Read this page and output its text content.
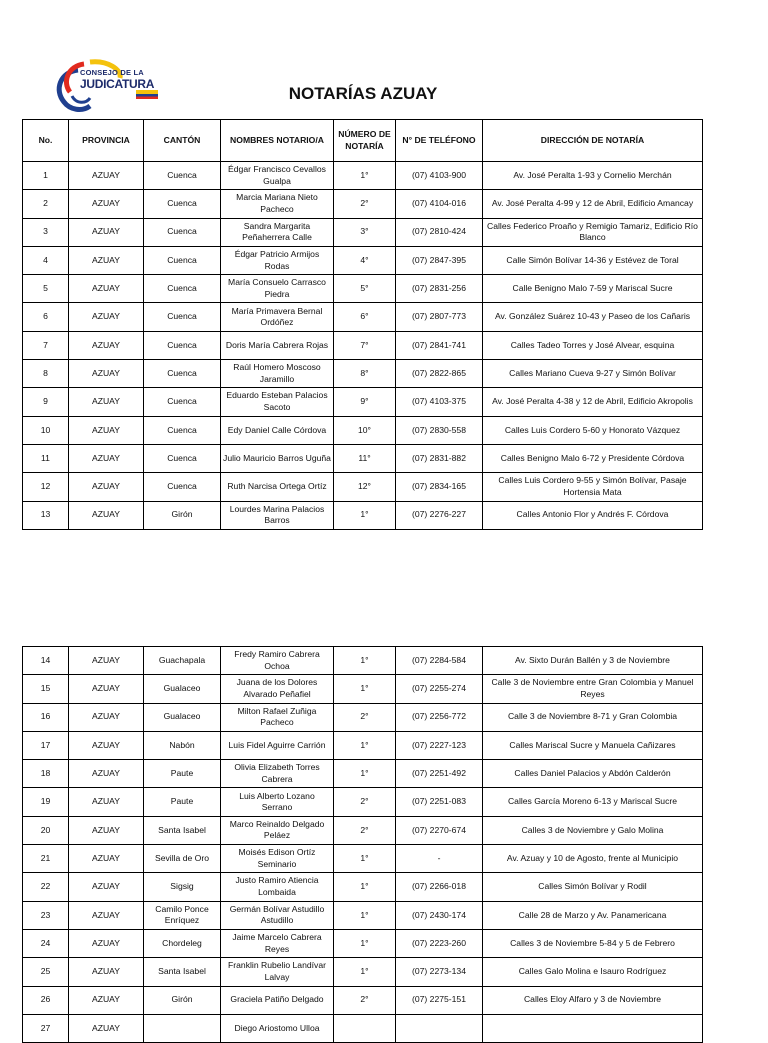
CONSEJO DE LA
JUDICATURA	NOTARÍAS AZUAY
No.	PROVINCIA	CANTÓN	NOMBRES NOTARIO/A	NÚMERO DE NOTARÍA	N° DE TELÉFONO	DIRECCIÓN DE NOTARÍA
1	AZUAY	Cuenca	Édgar Francisco Cevallos Gualpa	1°	(07) 4103-900	Av. José Peralta 1-93 y Cornelio Merchán
2	AZUAY	Cuenca	Marcia Mariana Nieto Pacheco	2°	(07) 4104-016	Av. José Peralta 4-99 y 12 de Abril, Edificio Amancay
3	AZUAY	Cuenca	Sandra Margarita Peñaherrera Calle	3°	(07) 2810-424	Calles Federico Proaño y Remigio Tamariz, Edificio Río Blanco
4	AZUAY	Cuenca	Édgar Patricio Armijos Rodas	4°	(07) 2847-395	Calle Simón Bolívar 14-36 y Estévez de Toral
5	AZUAY	Cuenca	María Consuelo Carrasco Piedra	5°	(07) 2831-256	Calle Benigno Malo 7-59 y Mariscal Sucre
6	AZUAY	Cuenca	María Primavera Bernal Ordóñez	6°	(07) 2807-773	Av. González Suárez 10-43 y Paseo de los Cañaris
7	AZUAY	Cuenca	Doris María Cabrera Rojas	7°	(07) 2841-741	Calles Tadeo Torres y José Alvear, esquina
8	AZUAY	Cuenca	Raúl Homero Moscoso Jaramillo	8°	(07) 2822-865	Calles Mariano Cueva 9-27 y Simón Bolívar
9	AZUAY	Cuenca	Eduardo Esteban Palacios Sacoto	9°	(07) 4103-375	Av. José Peralta 4-38 y 12 de Abril, Edificio Akropolis
10	AZUAY	Cuenca	Edy Daniel Calle Córdova	10°	(07) 2830-558	Calles Luis Cordero 5-60 y Honorato Vázquez
11	AZUAY	Cuenca	Julio Mauricio Barros Uguña	11°	(07) 2831-882	Calles Benigno Malo 6-72 y Presidente Córdova
12	AZUAY	Cuenca	Ruth Narcisa Ortega Ortíz	12°	(07) 2834-165	Calles Luis Cordero 9-55 y Simón Bolívar, Pasaje Hortensia Mata
13	AZUAY	Girón	Lourdes Marina Palacios Barros	1°	(07) 2276-227	Calles Antonio Flor y Andrés F. Córdova
14	AZUAY	Guachapala	Fredy Ramiro Cabrera Ochoa	1°	(07) 2284-584	Av. Sixto Durán Ballén y 3 de Noviembre
15	AZUAY	Gualaceo	Juana de los Dolores Alvarado Peñafiel	1°	(07) 2255-274	Calle 3 de Noviembre entre Gran Colombia y Manuel Reyes
16	AZUAY	Gualaceo	Milton Rafael Zuñiga Pacheco	2°	(07) 2256-772	Calle 3 de Noviembre 8-71 y Gran Colombia
17	AZUAY	Nabón	Luis Fidel Aguirre Carrión	1°	(07) 2227-123	Calles Mariscal Sucre y Manuela Cañizares
18	AZUAY	Paute	Olivia Elizabeth Torres Cabrera	1°	(07) 2251-492	Calles Daniel Palacios y Abdón Calderón
19	AZUAY	Paute	Luis Alberto Lozano Serrano	2°	(07) 2251-083	Calles García Moreno 6-13 y Mariscal Sucre
20	AZUAY	Santa Isabel	Marco Reinaldo Delgado Peláez	2°	(07) 2270-674	Calles 3 de Noviembre y Galo Molina
21	AZUAY	Sevilla de Oro	Moisés Edison Ortíz Seminario	1°	-	Av. Azuay y 10 de Agosto, frente al Municipio
22	AZUAY	Sigsig	Justo Ramiro Atiencia Lombaida	1°	(07) 2266-018	Calles Simón Bolívar y Rodil
23	AZUAY	Camilo Ponce Enríquez	Germán Bolívar Astudillo Astudillo	1°	(07) 2430-174	Calle 28 de Marzo y Av. Panamericana
24	AZUAY	Chordeleg	Jaime Marcelo Cabrera Reyes	1°	(07) 2223-260	Calles 3 de Noviembre 5-84 y 5 de Febrero
25	AZUAY	Santa Isabel	Franklin Rubelio Landívar Lalvay	1°	(07) 2273-134	Calles Galo Molina e Isauro Rodríguez
26	AZUAY	Girón	Graciela Patiño Delgado	2°	(07) 2275-151	Calles Eloy Alfaro y 3 de Noviembre
27	AZUAY		Diego Ariostomo Ulloa			
